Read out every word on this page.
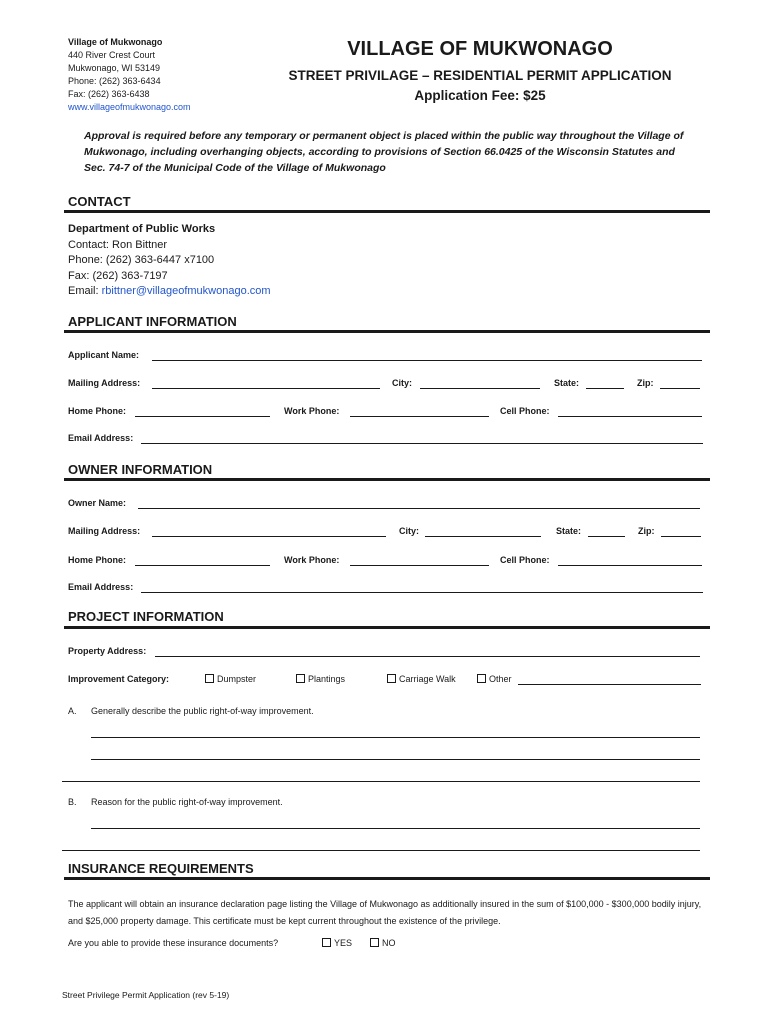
Village of Mukwonago
440 River Crest Court
Mukwonago, WI 53149
Phone: (262) 363-6434
Fax: (262) 363-6438
www.villageofmukwonago.com
VILLAGE OF MUKWONAGO
STREET PRIVILAGE – RESIDENTIAL PERMIT APPLICATION
Application Fee: $25
Approval is required before any temporary or permanent object is placed within the public way throughout the Village of Mukwonago, including overhanging objects, according to provisions of Section 66.0425 of the Wisconsin Statutes and Sec. 74-7 of the Municipal Code of the Village of Mukwonago
CONTACT
Department of Public Works
Contact: Ron Bittner
Phone: (262) 363-6447 x7100
Fax: (262) 363-7197
Email: rbittner@villageofmukwonago.com
APPLICANT INFORMATION
Applicant Name:
Mailing Address:	City:	State:	Zip:
Home Phone:	Work Phone:	Cell Phone:
Email Address:
OWNER INFORMATION
Owner Name:
Mailing Address:	City:	State:	Zip:
Home Phone:	Work Phone:	Cell Phone:
Email Address:
PROJECT INFORMATION
Property Address:
Improvement Category:	Dumpster	Plantings	Carriage Walk	Other
A. Generally describe the public right-of-way improvement.
B. Reason for the public right-of-way improvement.
INSURANCE REQUIREMENTS
The applicant will obtain an insurance declaration page listing the Village of Mukwonago as additionally insured in the sum of $100,000 - $300,000 bodily injury, and $25,000 property damage. This certificate must be kept current throughout the existence of the privilege.
Are you able to provide these insurance documents?	YES	NO
Street Privilege Permit Application (rev 5-19)
